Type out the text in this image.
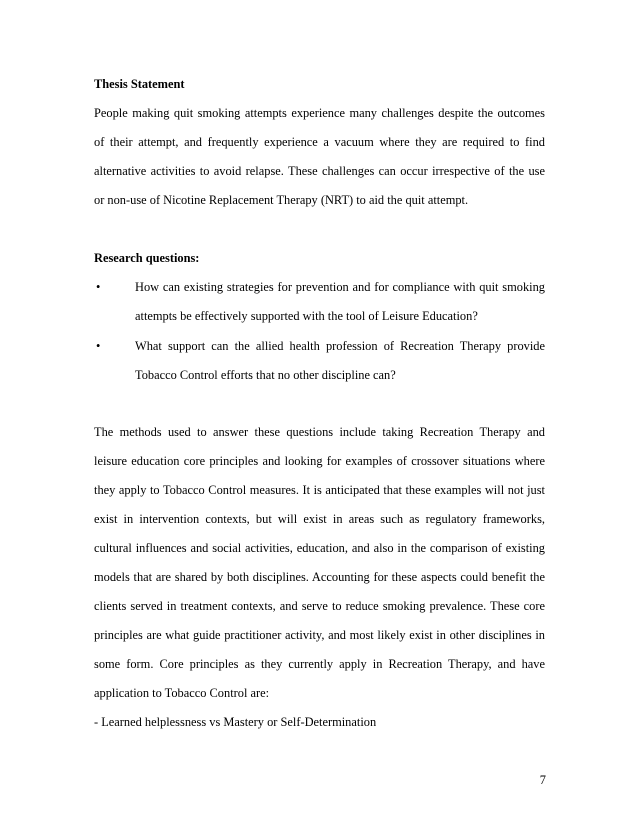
Thesis Statement
People making quit smoking attempts experience many challenges despite the outcomes
of their attempt, and frequently experience a vacuum where they are required to find
alternative activities to avoid relapse. These challenges can occur irrespective of the use
or non-use of Nicotine Replacement Therapy (NRT) to aid the quit attempt.
Research questions:
•	How can existing strategies for prevention and for compliance with quit smoking
attempts be effectively supported with the tool of Leisure Education?
•	What support can the allied health profession of Recreation Therapy provide
Tobacco Control efforts that no other discipline can?
The methods used to answer these questions include taking Recreation Therapy and
leisure education core principles and looking for examples of crossover situations where
they apply to Tobacco Control measures. It is anticipated that these examples will not just
exist in intervention contexts, but will exist in areas such as regulatory frameworks,
cultural influences and social activities, education, and also in the comparison of existing
models that are shared by both disciplines. Accounting for these aspects could benefit the
clients served in treatment contexts, and serve to reduce smoking prevalence. These core
principles are what guide practitioner activity, and most likely exist in other disciplines in
some form. Core principles as they currently apply in Recreation Therapy, and have
application to Tobacco Control are:
- Learned helplessness vs Mastery or Self-Determination
7
